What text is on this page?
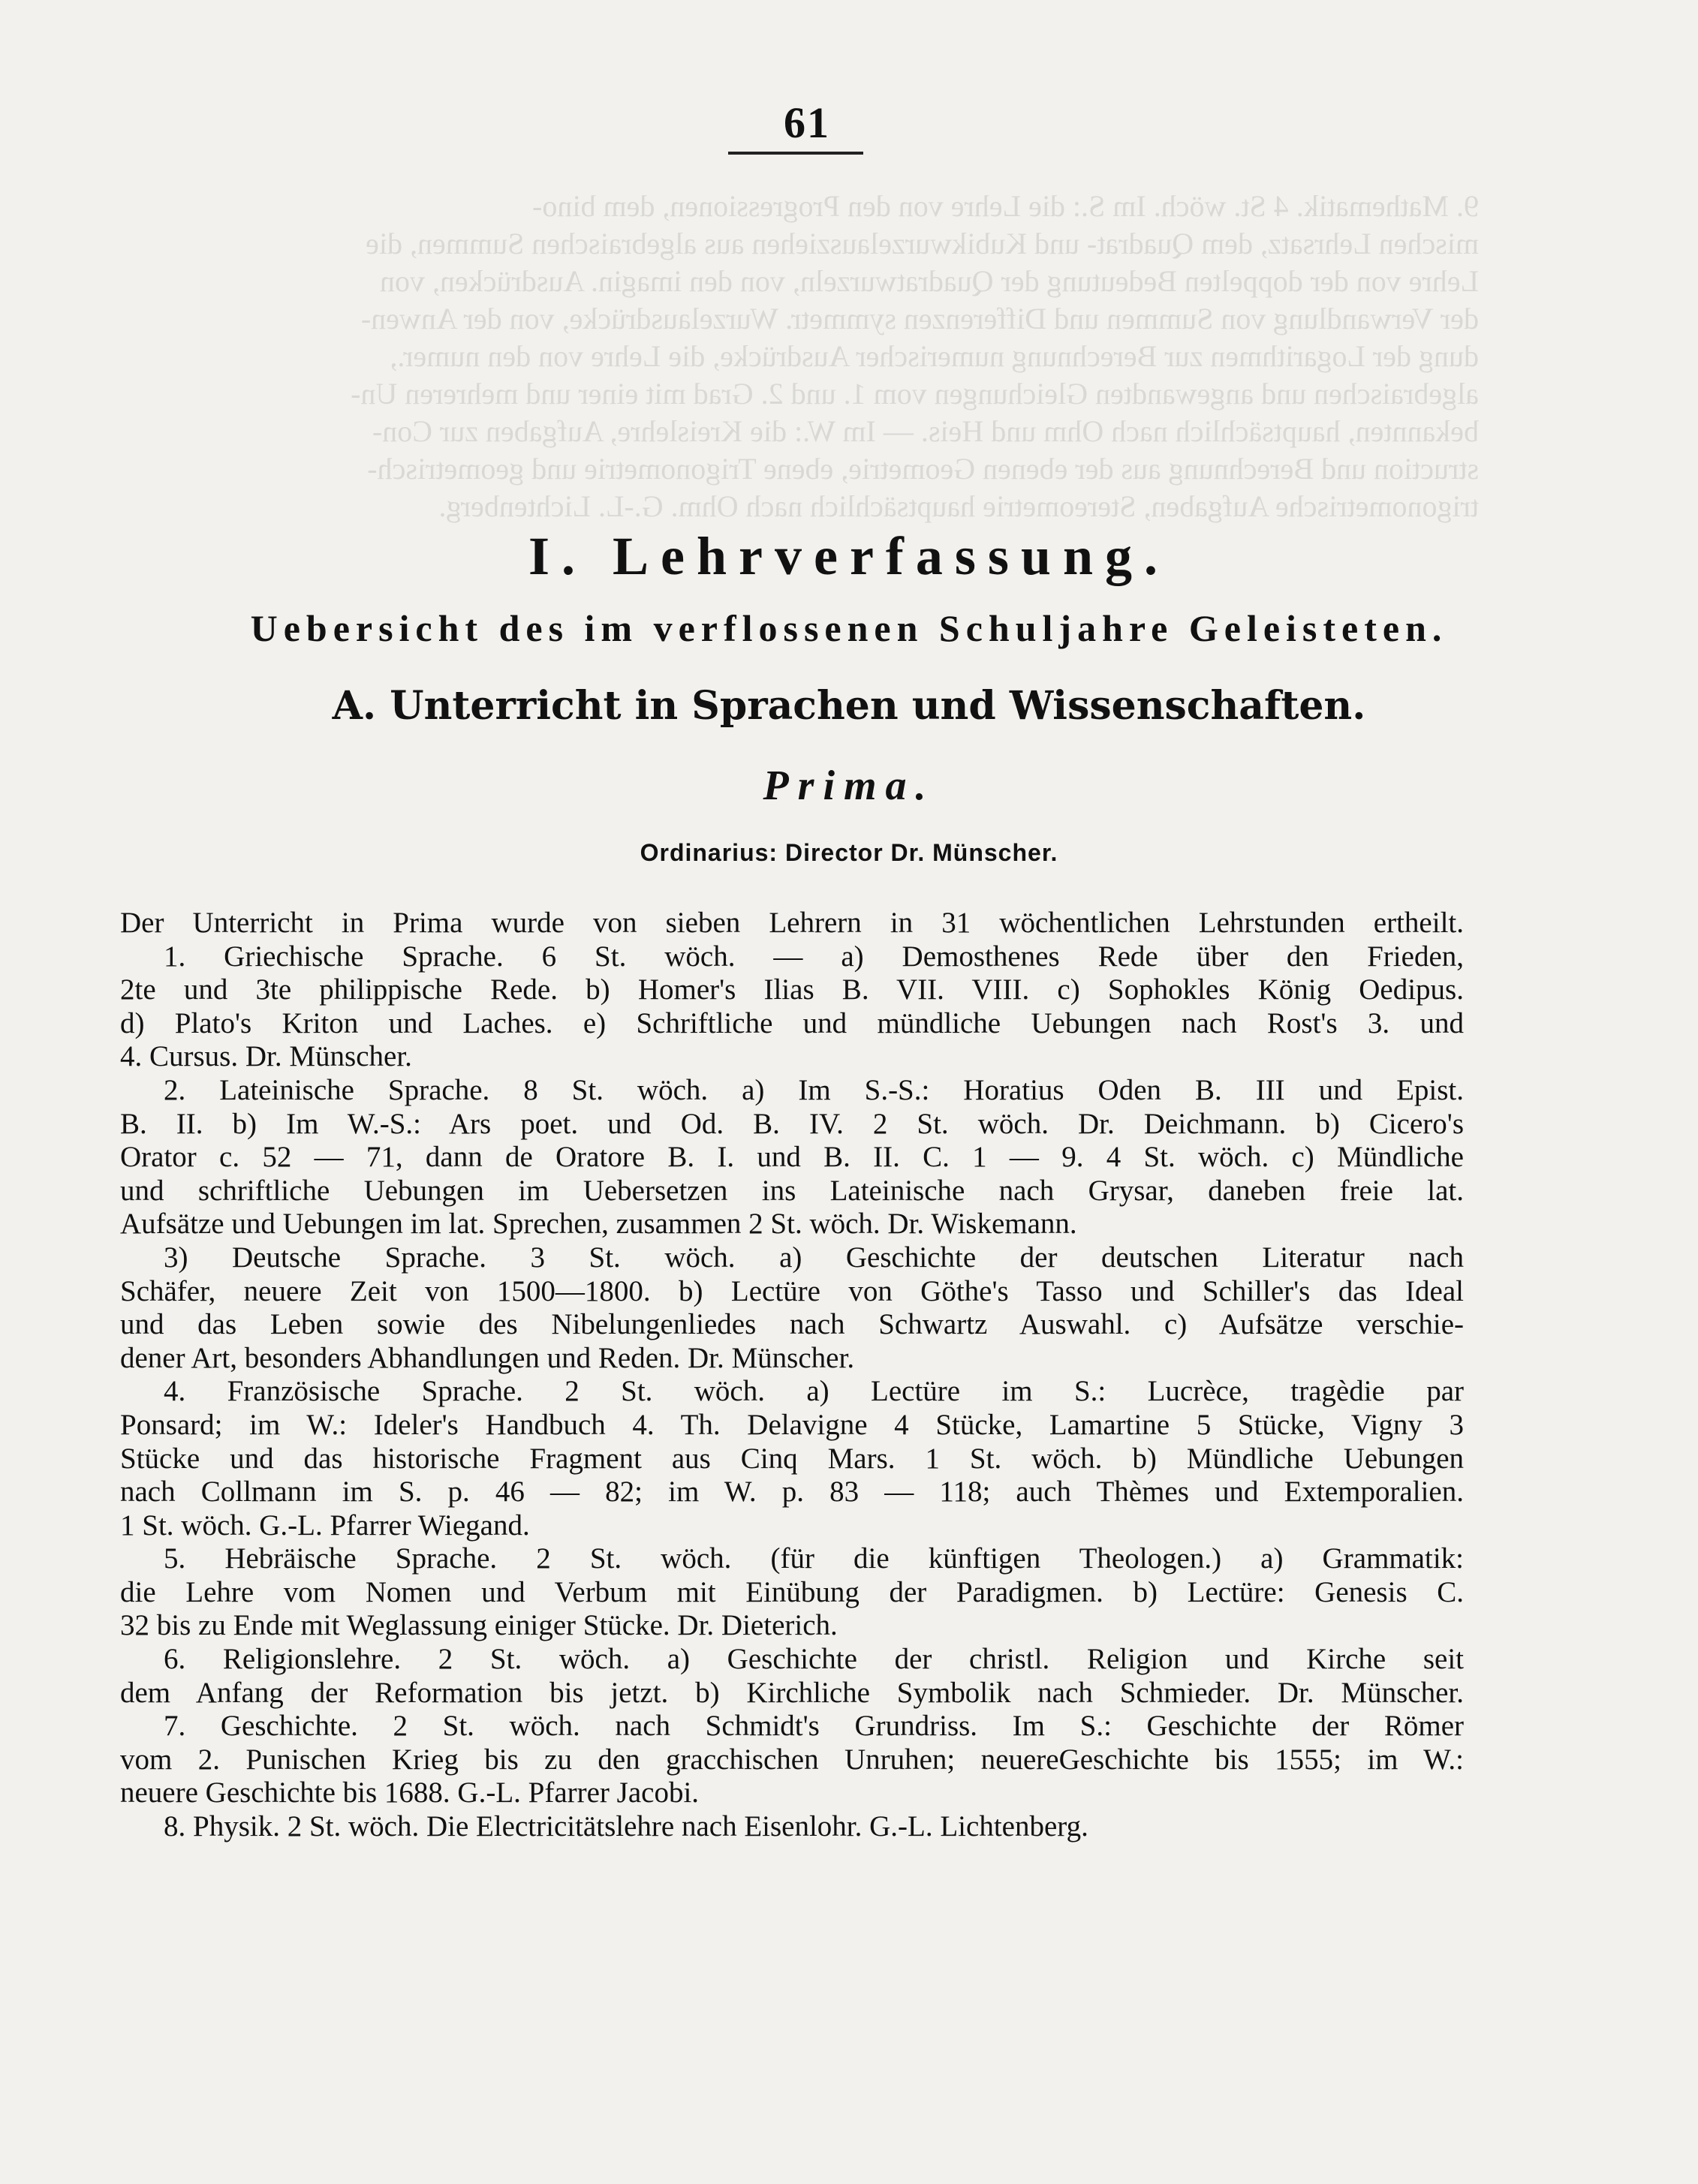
61

9. Mathematik. 4 St. wöch. Im S.: die Lehre von den Progressionen, dem bino-

mischen Lehrsatz, dem Quadrat- und Kubikwurzelausziehen aus algebraischen Summen, die

Lehre von der doppelten Bedeutung der Quadratwurzeln, von den imagin. Ausdrücken, von

der Verwandlung von Summen und Differenzen symmetr. Wurzelausdrücke, von der Anwen-

dung der Logarithmen zur Berechnung numerischer Ausdrücke, die Lehre von den numer.,

algebraischen und angewandten Gleichungen vom 1. und 2. Grad mit einer und mehreren Un-

bekannten, hauptsächlich nach Ohm und Heis. — Im W.: die Kreislehre, Aufgaben zur Con-

struction und Berechnung aus der ebenen Geometrie, ebene Trigonometrie und geometrisch-

trigonometrische Aufgaben, Stereometrie hauptsächlich nach Ohm. G.-L. Lichtenberg.

I. Lehrverfassung.
Uebersicht des im verflossenen Schuljahre Geleisteten.
A. Unterricht in Sprachen und Wissenschaften.
Prima.
Ordinarius: Director Dr. Münscher.
Der Unterricht in Prima wurde von sieben Lehrern in 31 wöchentlichen Lehrstunden ertheilt.
1. Griechische Sprache. 6 St. wöch. — a) Demosthenes Rede über den Frieden,
2te und 3te philippische Rede. b) Homer's Ilias B. VII. VIII. c) Sophokles König Oedipus.
d) Plato's Kriton und Laches. e) Schriftliche und mündliche Uebungen nach Rost's 3. und
4. Cursus. Dr. Münscher.
2. Lateinische Sprache. 8 St. wöch. a) Im S.-S.: Horatius Oden B. III und Epist.
B. II. b) Im W.-S.: Ars poet. und Od. B. IV. 2 St. wöch. Dr. Deichmann. b) Cicero's
Orator c. 52 — 71, dann de Oratore B. I. und B. II. C. 1 — 9. 4 St. wöch. c) Mündliche
und schriftliche Uebungen im Uebersetzen ins Lateinische nach Grysar, daneben freie lat.
Aufsätze und Uebungen im lat. Sprechen, zusammen 2 St. wöch. Dr. Wiskemann.
3) Deutsche Sprache. 3 St. wöch. a) Geschichte der deutschen Literatur nach
Schäfer, neuere Zeit von 1500—1800. b) Lectüre von Göthe's Tasso und Schiller's das Ideal
und das Leben sowie des Nibelungenliedes nach Schwartz Auswahl. c) Aufsätze verschie-
dener Art, besonders Abhandlungen und Reden. Dr. Münscher.
4. Französische Sprache. 2 St. wöch. a) Lectüre im S.: Lucrèce, tragèdie par
Ponsard; im W.: Ideler's Handbuch 4. Th. Delavigne 4 Stücke, Lamartine 5 Stücke, Vigny 3
Stücke und das historische Fragment aus Cinq Mars. 1 St. wöch. b) Mündliche Uebungen
nach Collmann im S. p. 46 — 82; im W. p. 83 — 118; auch Thèmes und Extemporalien.
1 St. wöch. G.-L. Pfarrer Wiegand.
5. Hebräische Sprache. 2 St. wöch. (für die künftigen Theologen.) a) Grammatik:
die Lehre vom Nomen und Verbum mit Einübung der Paradigmen. b) Lectüre: Genesis C.
32 bis zu Ende mit Weglassung einiger Stücke. Dr. Dieterich.
6. Religionslehre. 2 St. wöch. a) Geschichte der christl. Religion und Kirche seit
dem Anfang der Reformation bis jetzt. b) Kirchliche Symbolik nach Schmieder. Dr. Münscher.
7. Geschichte. 2 St. wöch. nach Schmidt's Grundriss. Im S.: Geschichte der Römer
vom 2. Punischen Krieg bis zu den gracchischen Unruhen; neuereGeschichte bis 1555; im W.:
neuere Geschichte bis 1688. G.-L. Pfarrer Jacobi.
8. Physik. 2 St. wöch. Die Electricitätslehre nach Eisenlohr. G.-L. Lichtenberg.
